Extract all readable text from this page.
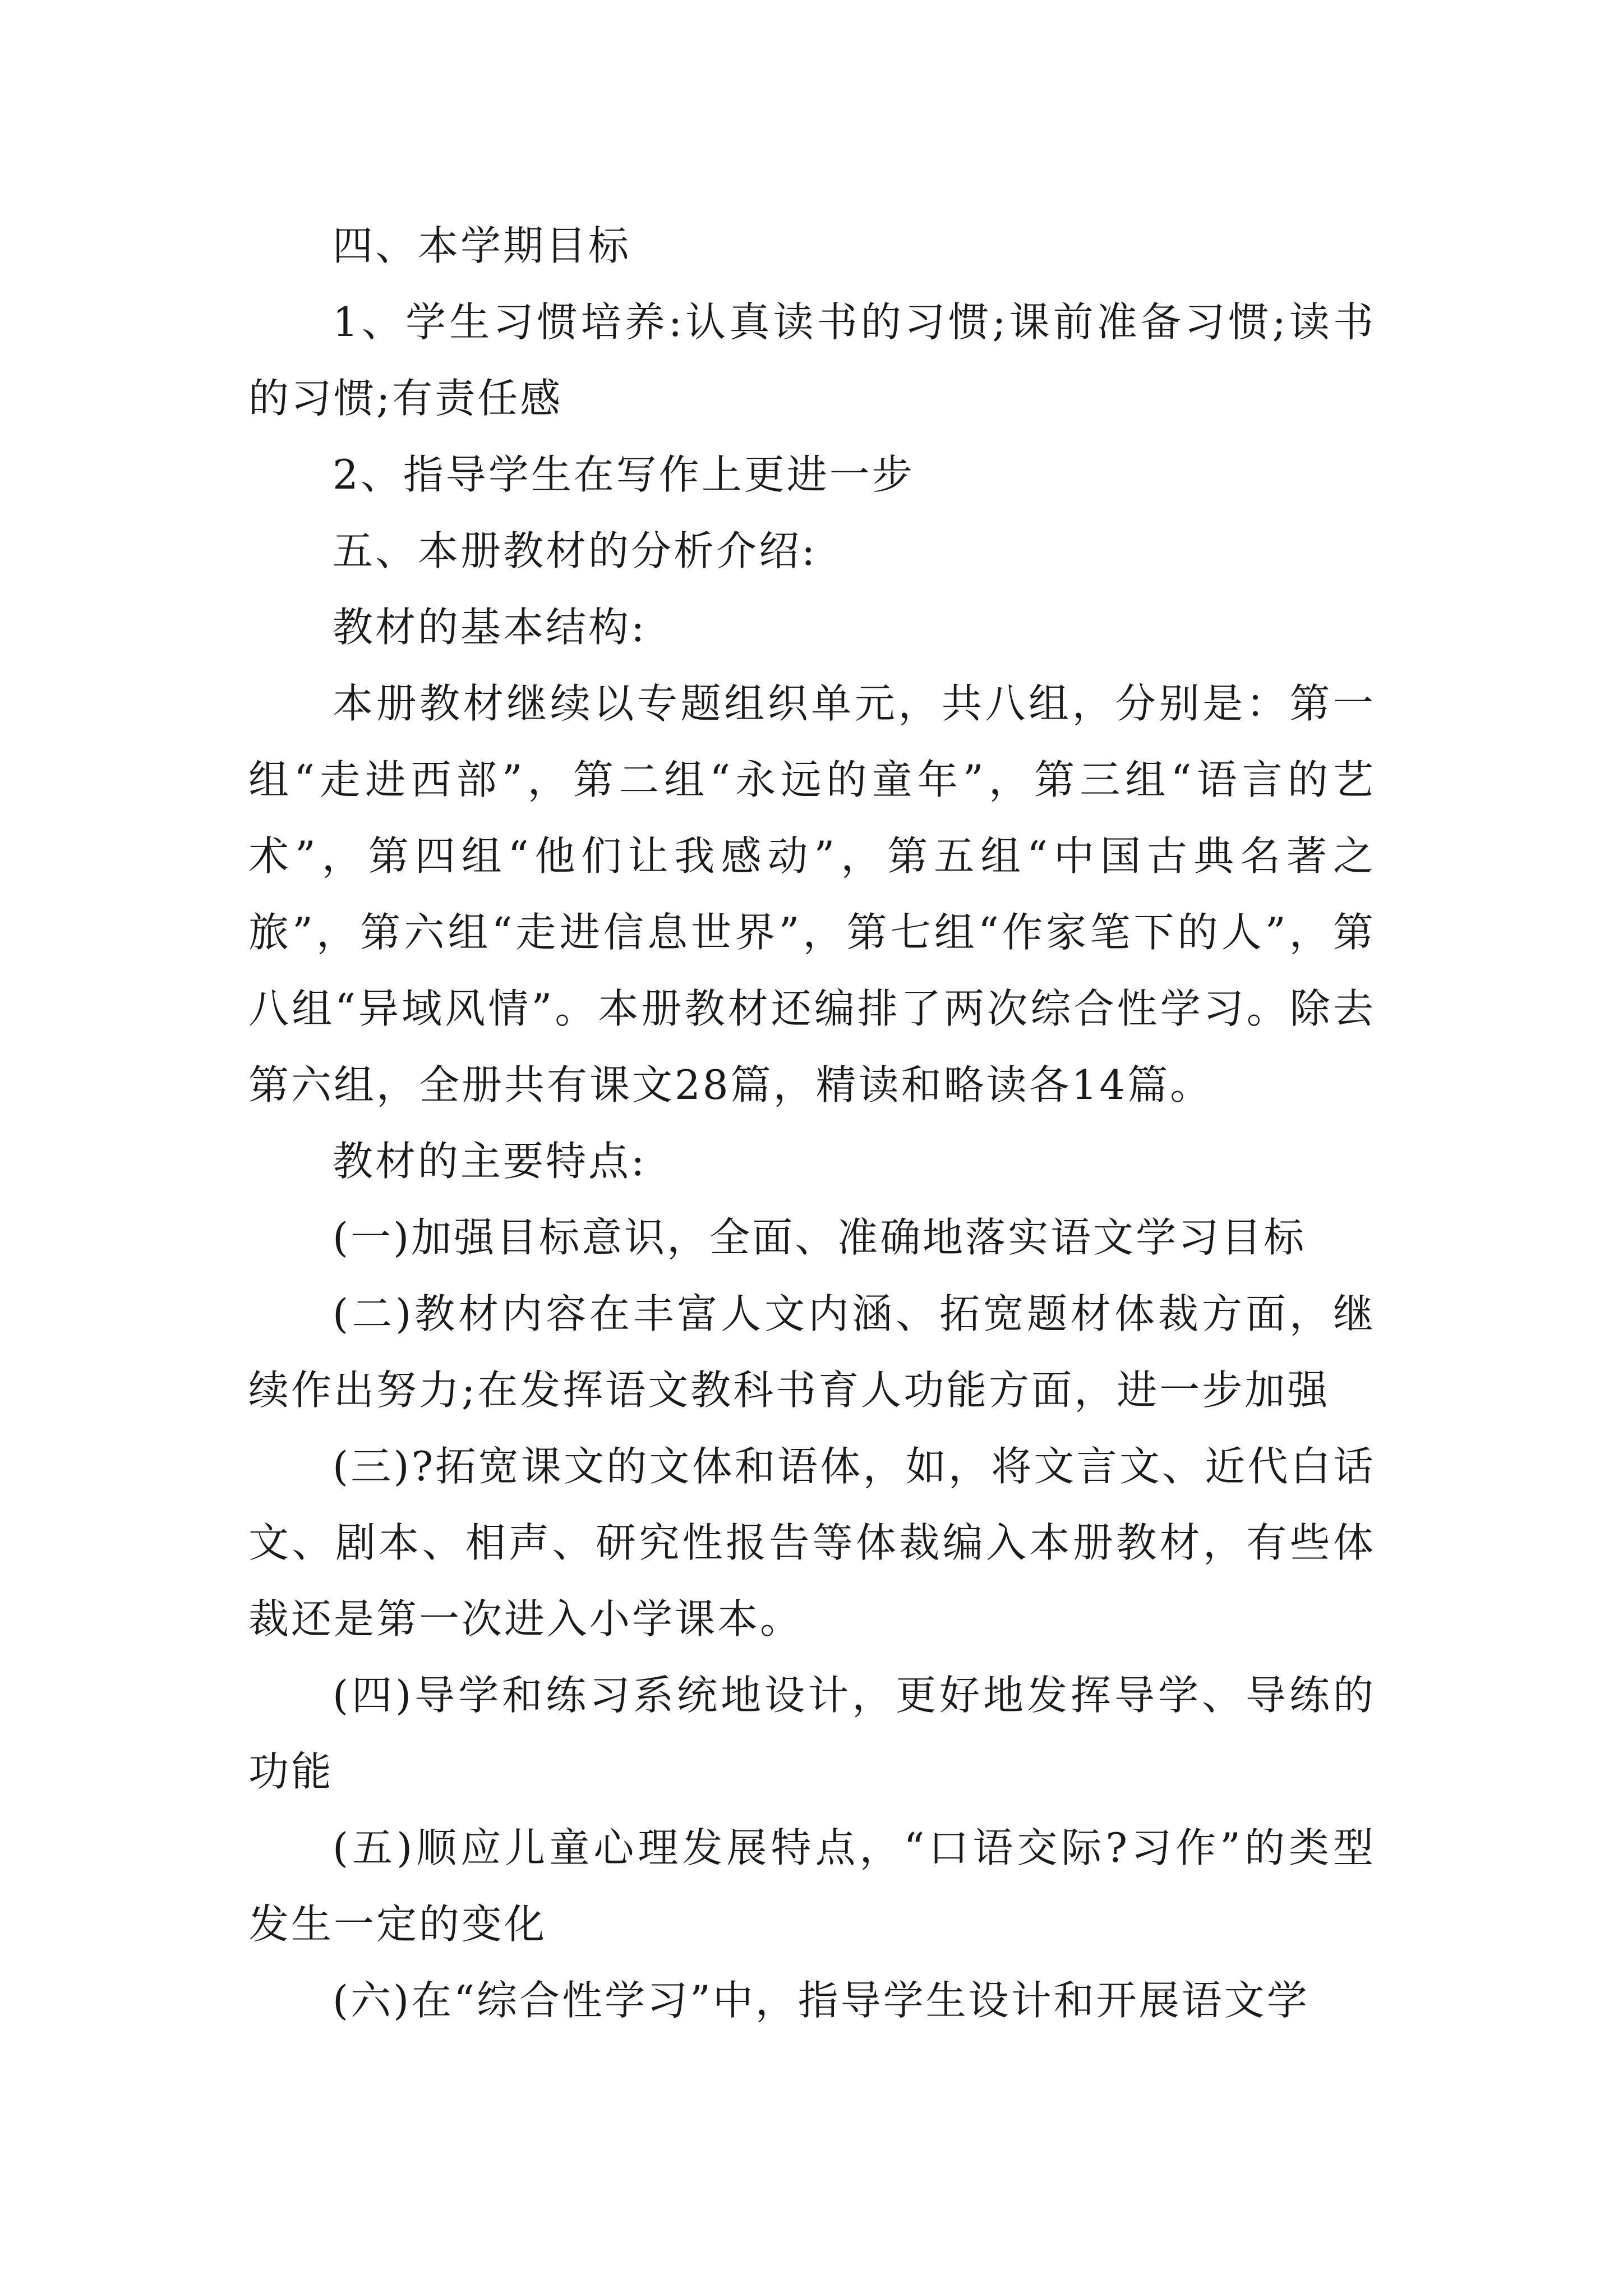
四、本学期目标

1、学生习惯培养:认真读书的习惯;课前准备习惯;读书的习惯;有责任感

2、指导学生在写作上更进一步

五、本册教材的分析介绍:

教材的基本结构:

本册教材继续以专题组织单元，共八组，分别是：第一组“走进西部”，第二组“永远的童年”，第三组“语言的艺术”，第四组“他们让我感动”，第五组“中国古典名著之旅”，第六组“走进信息世界”，第七组“作家笔下的人”，第八组“异域风情”。本册教材还编排了两次综合性学习。除去第六组，全册共有课文28篇，精读和略读各14篇。

教材的主要特点:

(一)加强目标意识，全面、准确地落实语文学习目标

(二)教材内容在丰富人文内涵、拓宽题材体裁方面，继续作出努力;在发挥语文教科书育人功能方面，进一步加强

(三)?拓宽课文的文体和语体，如，将文言文、近代白话文、剧本、相声、研究性报告等体裁编入本册教材，有些体裁还是第一次进入小学课本。

(四)导学和练习系统地设计，更好地发挥导学、导练的功能

(五)顺应儿童心理发展特点，“口语交际?习作”的类型发生一定的变化

(六)在“综合性学习”中，指导学生设计和开展语文学
